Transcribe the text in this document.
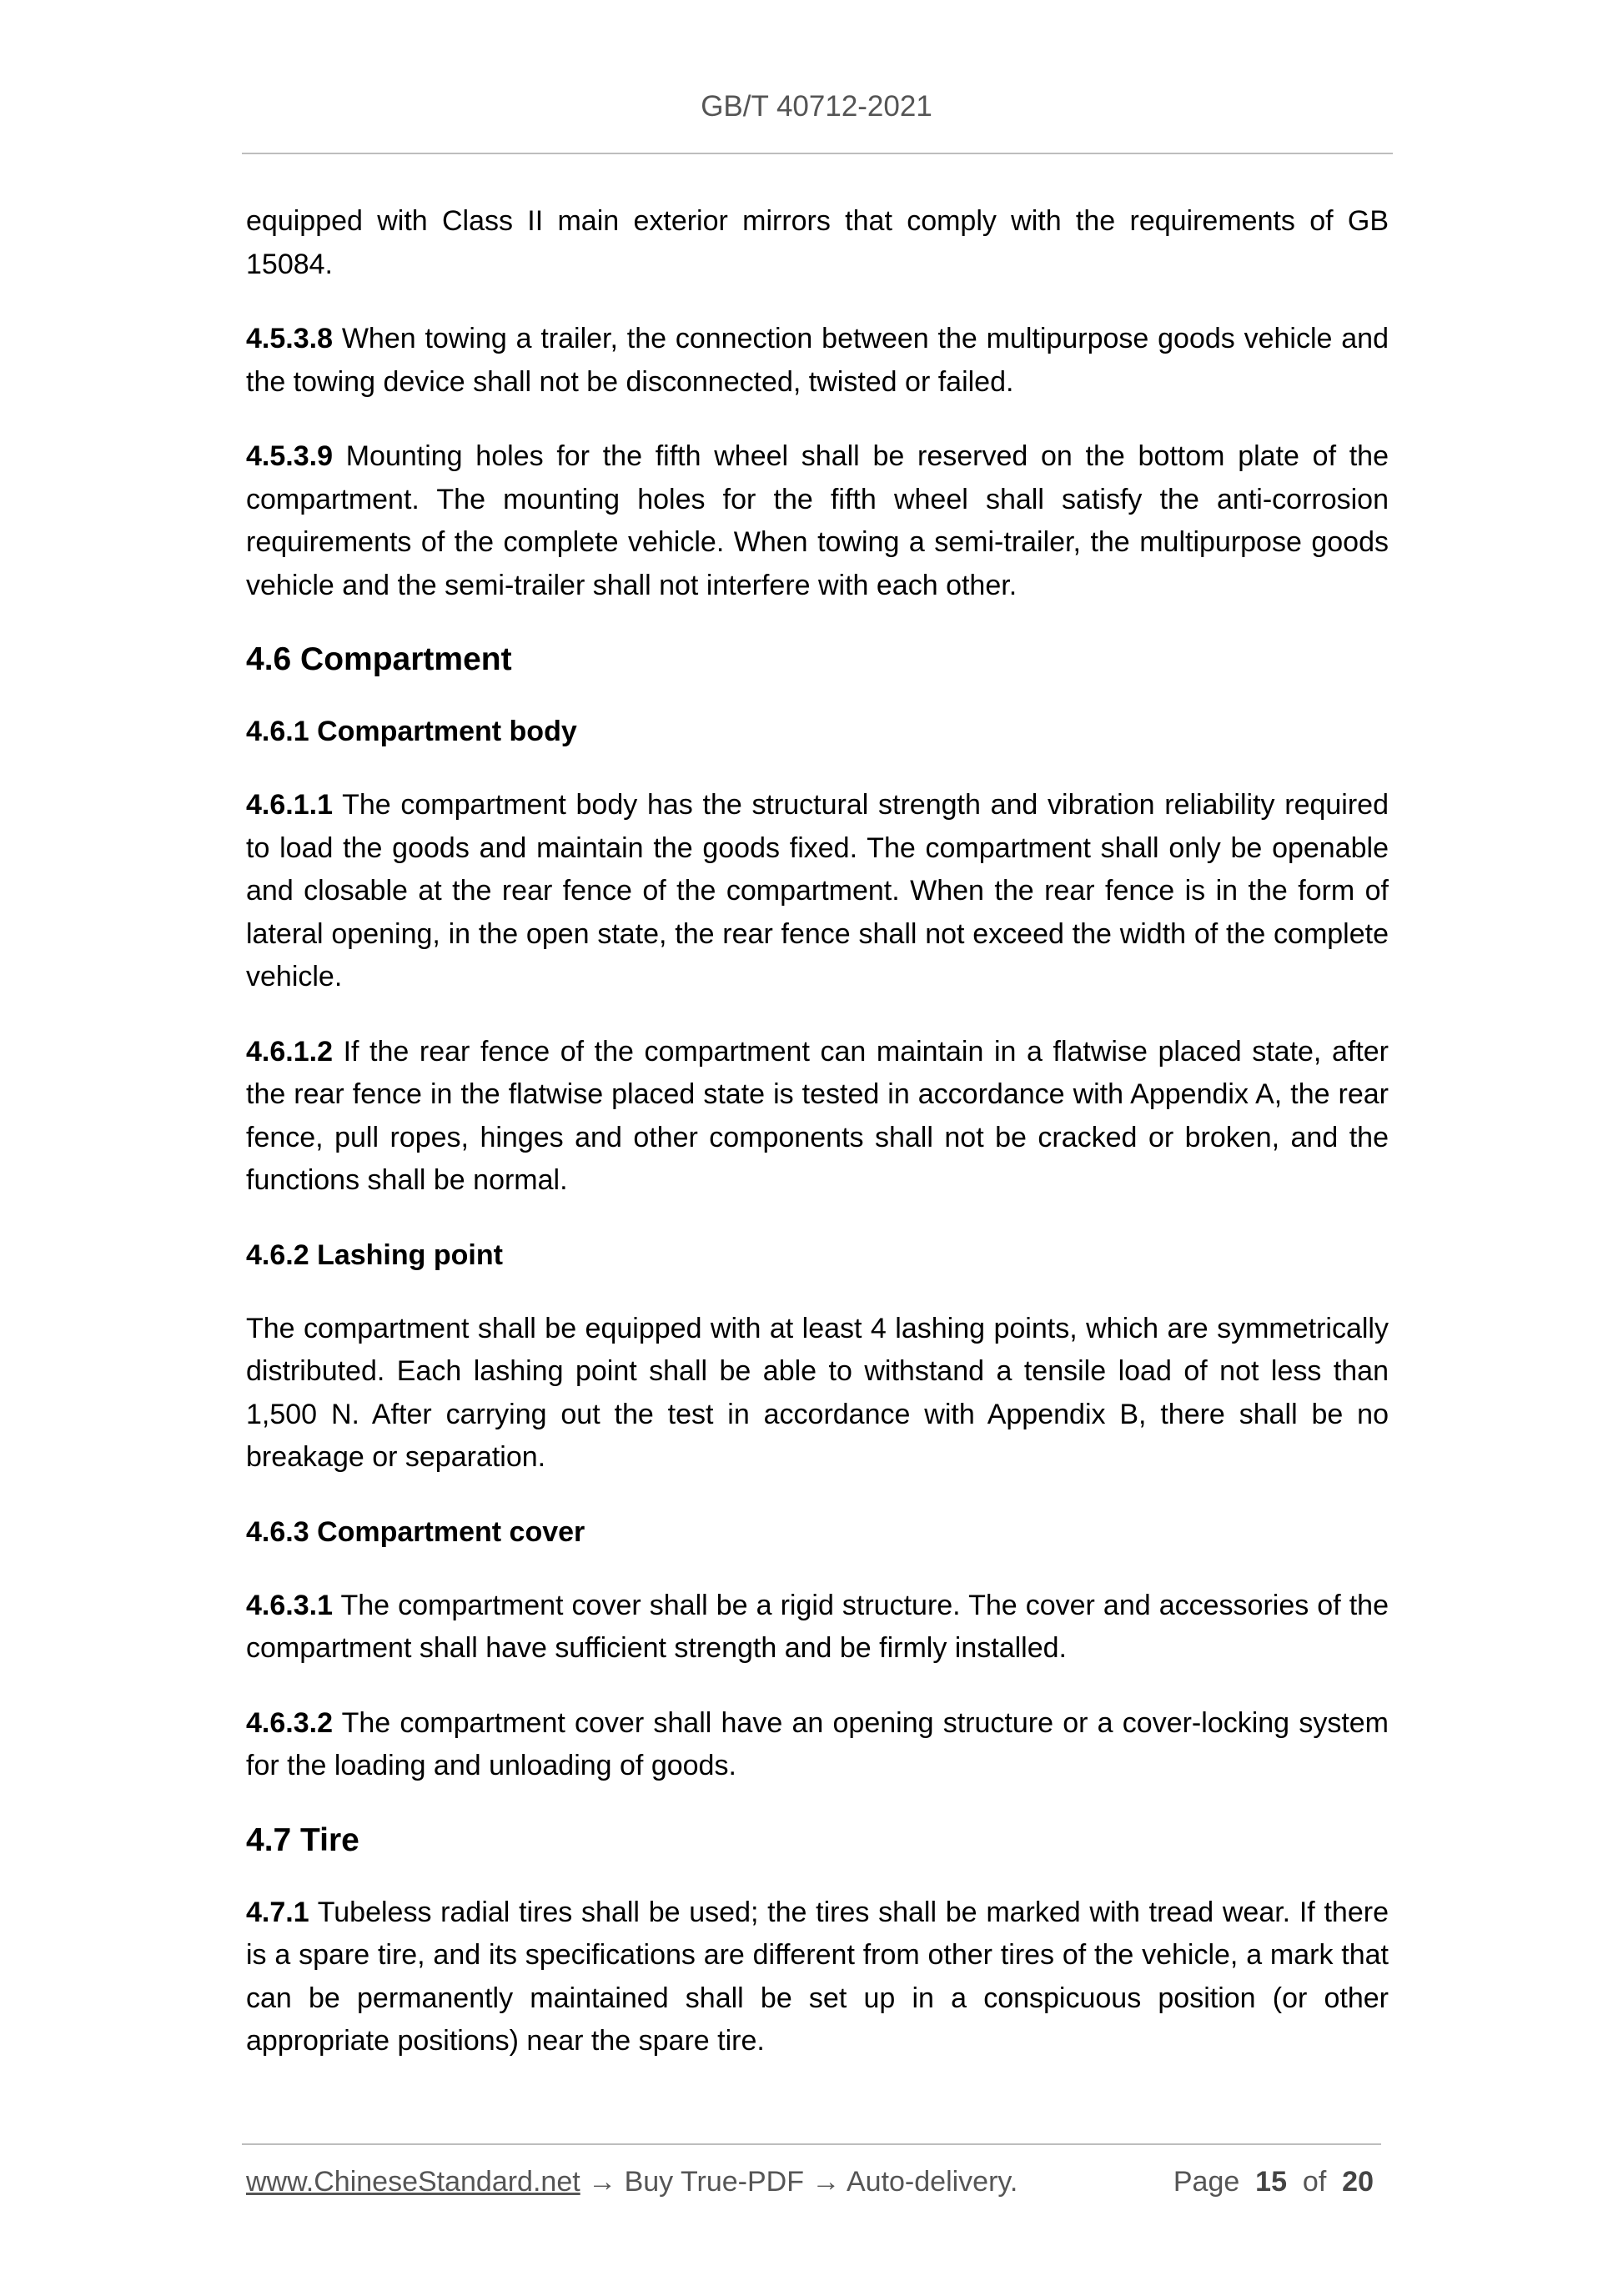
GB/T 40712-2021

equipped with Class II main exterior mirrors that comply with the requirements of GB 15084.

4.5.3.8 When towing a trailer, the connection between the multipurpose goods vehicle and the towing device shall not be disconnected, twisted or failed.

4.5.3.9 Mounting holes for the fifth wheel shall be reserved on the bottom plate of the compartment. The mounting holes for the fifth wheel shall satisfy the anti-corrosion requirements of the complete vehicle. When towing a semi-trailer, the multipurpose goods vehicle and the semi-trailer shall not interfere with each other.

4.6 Compartment
4.6.1 Compartment body

4.6.1.1 The compartment body has the structural strength and vibration reliability required to load the goods and maintain the goods fixed. The compartment shall only be openable and closable at the rear fence of the compartment. When the rear fence is in the form of lateral opening, in the open state, the rear fence shall not exceed the width of the complete vehicle.

4.6.1.2 If the rear fence of the compartment can maintain in a flatwise placed state, after the rear fence in the flatwise placed state is tested in accordance with Appendix A, the rear fence, pull ropes, hinges and other components shall not be cracked or broken, and the functions shall be normal.

4.6.2 Lashing point

The compartment shall be equipped with at least 4 lashing points, which are symmetrically distributed. Each lashing point shall be able to withstand a tensile load of not less than 1,500 N. After carrying out the test in accordance with Appendix B, there shall be no breakage or separation.

4.6.3 Compartment cover

4.6.3.1 The compartment cover shall be a rigid structure. The cover and accessories of the compartment shall have sufficient strength and be firmly installed.

4.6.3.2 The compartment cover shall have an opening structure or a cover-locking system for the loading and unloading of goods.

4.7 Tire

4.7.1 Tubeless radial tires shall be used; the tires shall be marked with tread wear. If there is a spare tire, and its specifications are different from other tires of the vehicle, a mark that can be permanently maintained shall be set up in a conspicuous position (or other appropriate positions) near the spare tire.

www.ChineseStandard.net → Buy True-PDF → Auto-delivery.	Page 15 of 20
